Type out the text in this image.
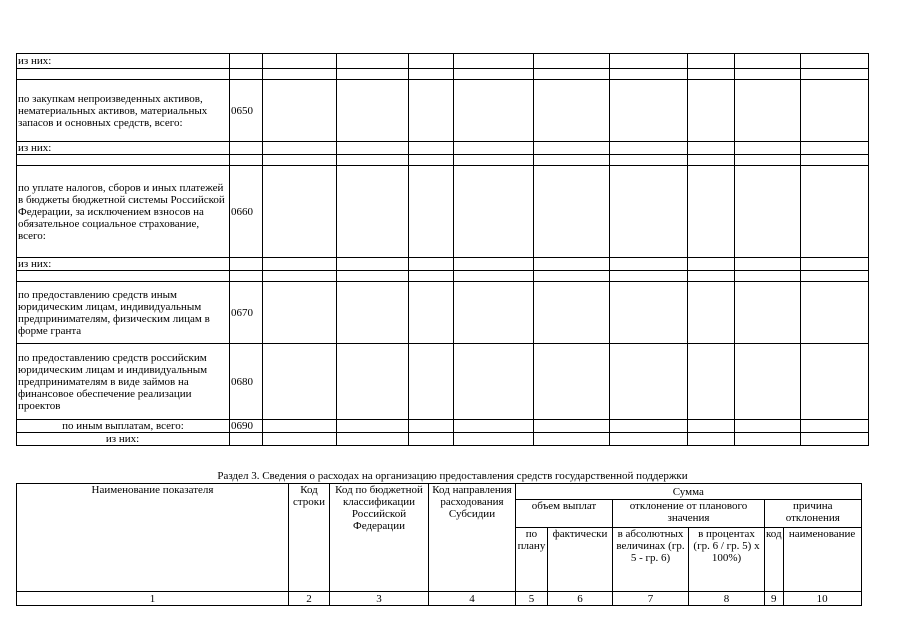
из них:										

по закупкам непроизведенных активов, нематериальных активов, материальных запасов и основных средств, всего:	0650									
из них:										

по уплате налогов, сборов и иных платежей в бюджеты бюджетной системы Российской Федерации, за исключением взносов на обязательное социальное страхование, всего:	0660									
из них:										

по предоставлению средств иным юридическим лицам, индивидуальным предпринимателям, физическим лицам в форме гранта	0670									
по предоставлению средств российским юридическим лицам и индивидуальным предпринимателям в виде займов на финансовое обеспечение реализации проектов	0680									
по иным выплатам, всего:	0690									
из них:										
Раздел 3. Сведения о расходах на организацию предоставления средств государственной поддержки
Наименование показателя	Код строки	Код по бюджетной классификации Российской Федерации	Код направления расходования Субсидии	Сумма					
				объем выплат		отклонение от планового значения		причина отклонения	
				по плану	фактически	в абсолютных величинах (гр. 5 - гр. 6)	в процентах (гр. 6 / гр. 5) x 100%)	код	наименование
1	2	3	4	5	6	7	8	9	10
